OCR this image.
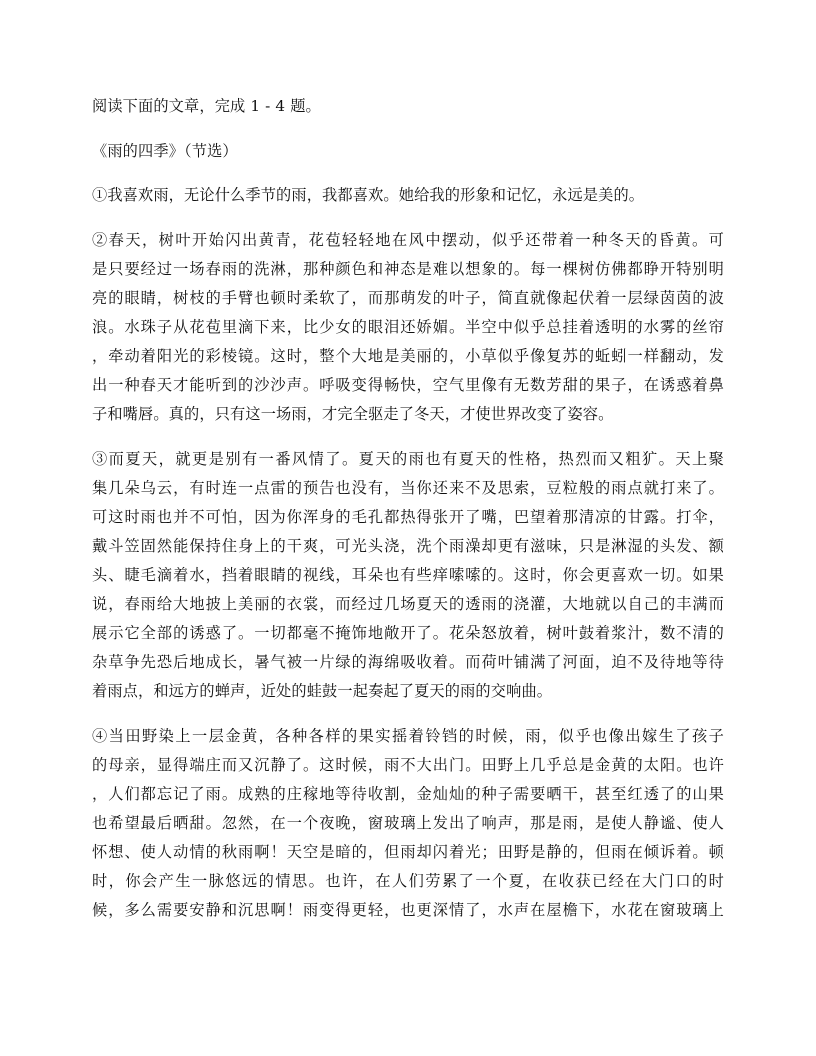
阅读下面的文章，完成 1 - 4 题。
《雨的四季》（节选）
①我喜欢雨，无论什么季节的雨，我都喜欢。她给我的形象和记忆，永远是美的。
②春天，树叶开始闪出黄青，花苞轻轻地在风中摆动，似乎还带着一种冬天的昏黄。可
是只要经过一场春雨的洗淋，那种颜色和神态是难以想象的。每一棵树仿佛都睁开特别明
亮的眼睛，树枝的手臂也顿时柔软了，而那萌发的叶子，简直就像起伏着一层绿茵茵的波
浪。水珠子从花苞里滴下来，比少女的眼泪还娇媚。半空中似乎总挂着透明的水雾的丝帘
，牵动着阳光的彩棱镜。这时，整个大地是美丽的，小草似乎像复苏的蚯蚓一样翻动，发
出一种春天才能听到的沙沙声。呼吸变得畅快，空气里像有无数芳甜的果子，在诱惑着鼻
子和嘴唇。真的，只有这一场雨，才完全驱走了冬天，才使世界改变了姿容。
③而夏天，就更是别有一番风情了。夏天的雨也有夏天的性格，热烈而又粗犷。天上聚
集几朵乌云，有时连一点雷的预告也没有，当你还来不及思索，豆粒般的雨点就打来了。
可这时雨也并不可怕，因为你浑身的毛孔都热得张开了嘴，巴望着那清凉的甘露。打伞，
戴斗笠固然能保持住身上的干爽，可光头浇，洗个雨澡却更有滋味，只是淋湿的头发、额
头、睫毛滴着水，挡着眼睛的视线，耳朵也有些痒嗦嗦的。这时，你会更喜欢一切。如果
说，春雨给大地披上美丽的衣裳，而经过几场夏天的透雨的浇灌，大地就以自己的丰满而
展示它全部的诱惑了。一切都毫不掩饰地敞开了。花朵怒放着，树叶鼓着浆汁，数不清的
杂草争先恐后地成长，暑气被一片绿的海绵吸收着。而荷叶铺满了河面，迫不及待地等待
着雨点，和远方的蝉声，近处的蛙鼓一起奏起了夏天的雨的交响曲。
④当田野染上一层金黄，各种各样的果实摇着铃铛的时候，雨，似乎也像出嫁生了孩子
的母亲，显得端庄而又沉静了。这时候，雨不大出门。田野上几乎总是金黄的太阳。也许
，人们都忘记了雨。成熟的庄稼地等待收割，金灿灿的种子需要晒干，甚至红透了的山果
也希望最后晒甜。忽然，在一个夜晚，窗玻璃上发出了响声，那是雨，是使人静谧、使人
怀想、使人动情的秋雨啊！天空是暗的，但雨却闪着光；田野是静的，但雨在倾诉着。顿
时，你会产生一脉悠远的情思。也许，在人们劳累了一个夏，在收获已经在大门口的时
候，多么需要安静和沉思啊！雨变得更轻，也更深情了，水声在屋檐下，水花在窗玻璃上
